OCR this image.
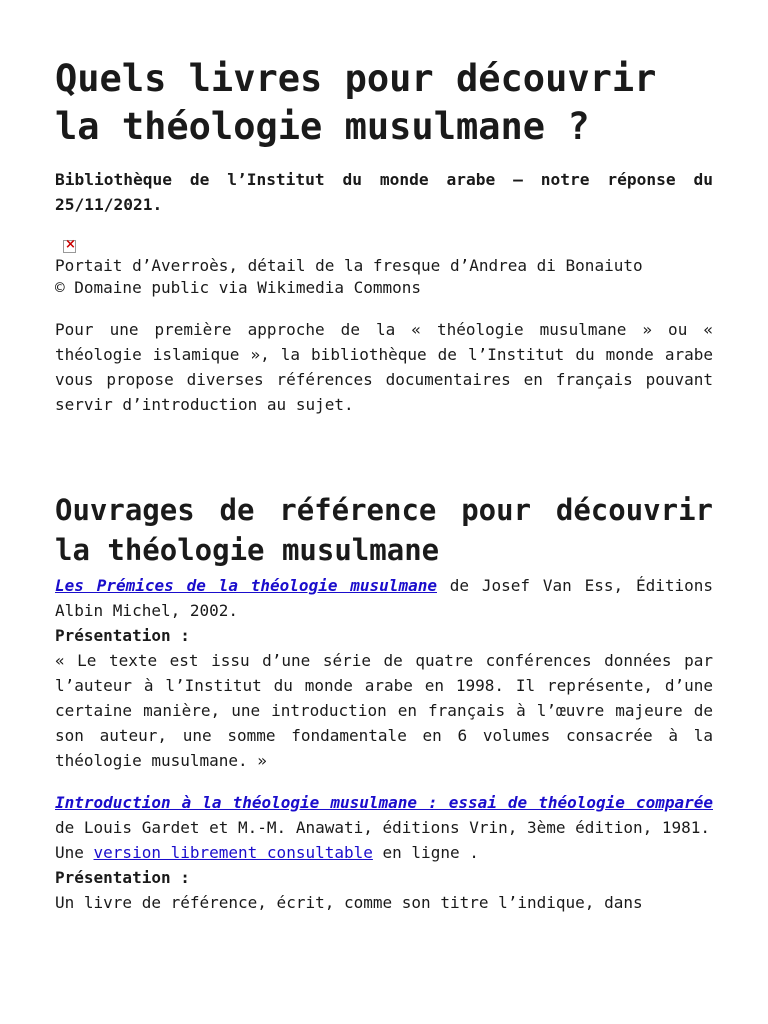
Quels livres pour découvrir la théologie musulmane ?
Bibliothèque de l’Institut du monde arabe – notre réponse du 25/11/2021.
×
Portait d’Averroès, détail de la fresque d’Andrea di Bonaiuto
© Domaine public via Wikimedia Commons

Pour une première approche de la « théologie musulmane » ou « théologie islamique », la bibliothèque de l’Institut du monde arabe vous propose diverses références documentaires en français pouvant servir d’introduction au sujet.

Ouvrages de référence pour découvrir la théologie musulmane
Les Prémices de la théologie musulmane de Josef Van Ess, Éditions Albin Michel, 2002.
Présentation :
« Le texte est issu d’une série de quatre conférences données par l’auteur à l’Institut du monde arabe en 1998. Il représente, d’une certaine manière, une introduction en français à l’œuvre majeure de son auteur, une somme fondamentale en 6 volumes consacrée à la théologie musulmane. »
Introduction à la théologie musulmane : essai de théologie comparée de Louis Gardet et M.-M. Anawati, éditions Vrin, 3ème édition, 1981.
Une version librement consultable en ligne .
Présentation :
Un livre de référence, écrit, comme son titre l’indique, dans
